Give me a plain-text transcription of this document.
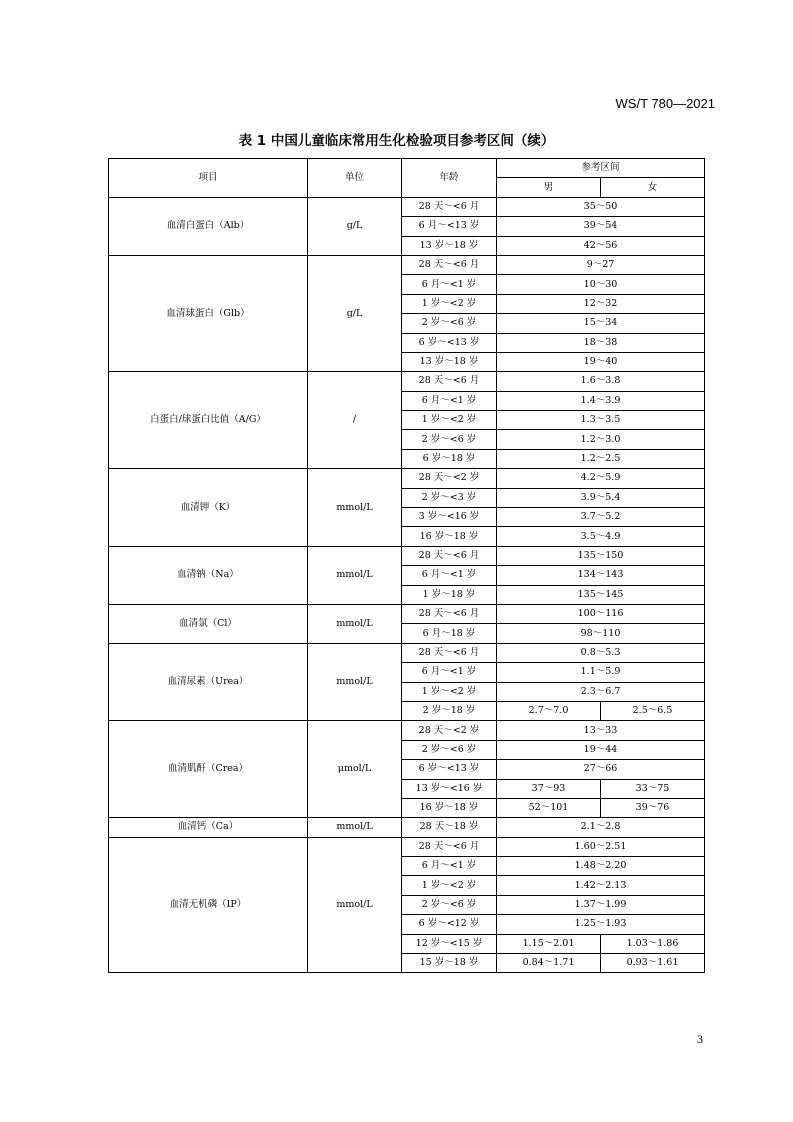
WS/T 780—2021
表 1 中国儿童临床常用生化检验项目参考区间（续）
项目	单位	年龄	参考区间	
			男	女
血清白蛋白（Alb）	g/L	28 天～<6 月	35～50	
		6 月～<13 岁	39～54	
		13 岁～18 岁	42～56	
血清球蛋白（Glb）	g/L	28 天～<6 月	9～27	
		6 月～<1 岁	10～30	
		1 岁～<2 岁	12～32	
		2 岁～<6 岁	15～34	
		6 岁～<13 岁	18～38	
		13 岁～18 岁	19～40	
白蛋白/球蛋白比值（A/G）	/	28 天～<6 月	1.6～3.8	
		6 月～<1 岁	1.4～3.9	
		1 岁～<2 岁	1.3～3.5	
		2 岁～<6 岁	1.2～3.0	
		6 岁～18 岁	1.2～2.5	
血清钾（K）	mmol/L	28 天～<2 岁	4.2～5.9	
		2 岁～<3 岁	3.9～5.4	
		3 岁～<16 岁	3.7～5.2	
		16 岁～18 岁	3.5～4.9	
血清钠（Na）	mmol/L	28 天～<6 月	135～150	
		6 月～<1 岁	134～143	
		1 岁～18 岁	135～145	
血清氯（Cl）	mmol/L	28 天～<6 月	100～116	
		6 月～18 岁	98～110	
血清尿素（Urea）	mmol/L	28 天～<6 月	0.8～5.3	
		6 月～<1 岁	1.1～5.9	
		1 岁～<2 岁	2.3～6.7	
		2 岁～18 岁	2.7～7.0	2.5～6.5
血清肌酐（Crea）	μmol/L	28 天～<2 岁	13～33	
		2 岁～<6 岁	19～44	
		6 岁～<13 岁	27～66	
		13 岁～<16 岁	37～93	33～75
		16 岁～18 岁	52～101	39～76
血清钙（Ca）	mmol/L	28 天～18 岁	2.1～2.8	
血清无机磷（IP）	mmol/L	28 天～<6 月	1.60～2.51	
		6 月～<1 岁	1.48～2.20	
		1 岁～<2 岁	1.42～2.13	
		2 岁～<6 岁	1.37～1.99	
		6 岁～<12 岁	1.25～1.93	
		12 岁～<15 岁	1.15～2.01	1.03～1.86
		15 岁～18 岁	0.84～1.71	0.93～1.61
3
